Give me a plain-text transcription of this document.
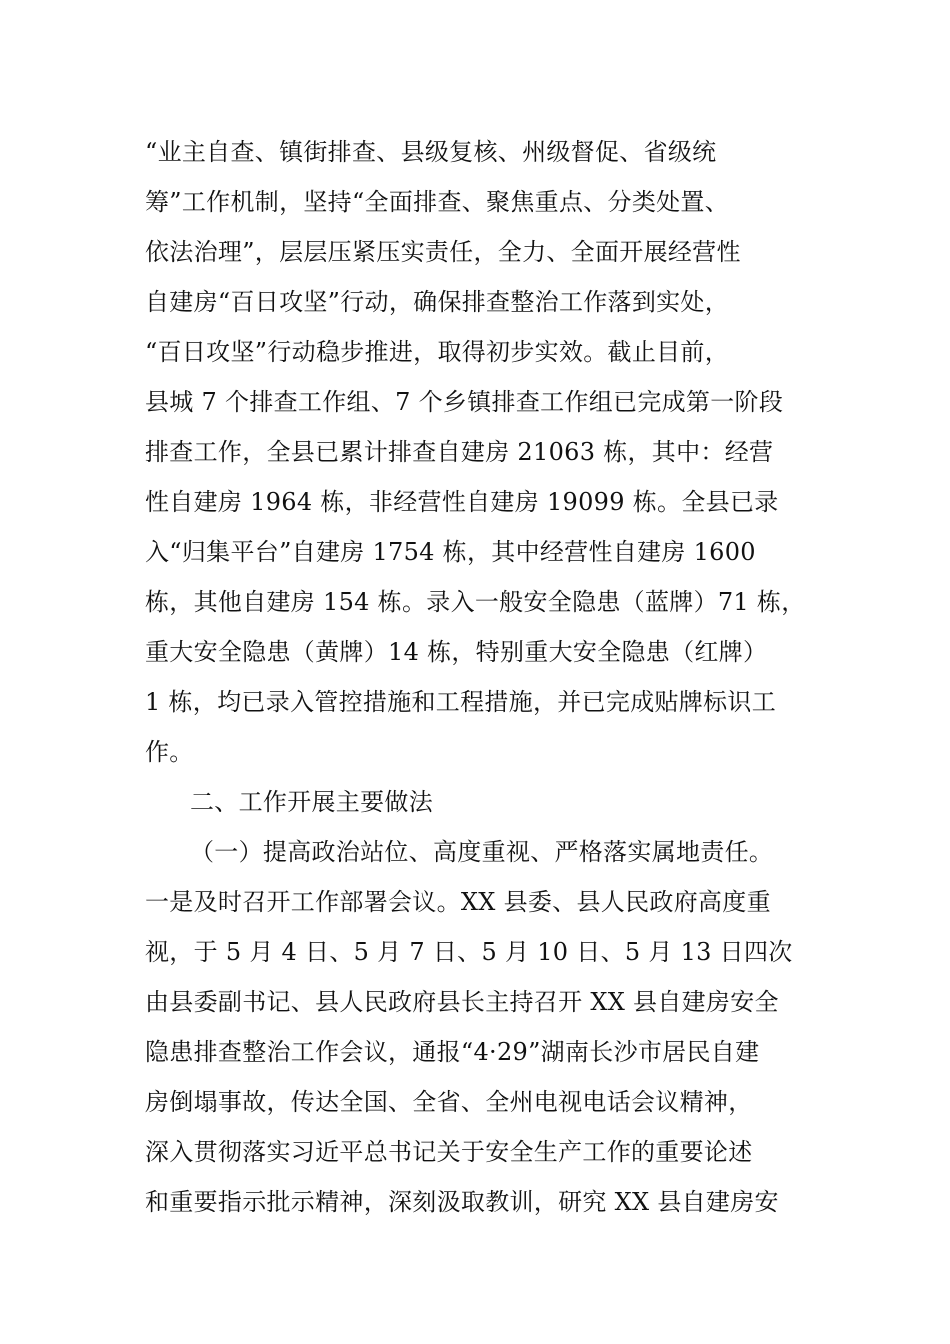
“业主自查、镇街排查、县级复核、州级督促、省级统
筹”工作机制，坚持“全面排查、聚焦重点、分类处置、
依法治理”，层层压紧压实责任，全力、全面开展经营性
自建房“百日攻坚”行动，确保排查整治工作落到实处，
“百日攻坚”行动稳步推进，取得初步实效。截止目前，
县城 7 个排查工作组、7 个乡镇排查工作组已完成第一阶段
排查工作，全县已累计排查自建房 21063 栋，其中：经营
性自建房 1964 栋，非经营性自建房 19099 栋。全县已录
入“归集平台”自建房 1754 栋，其中经营性自建房 1600
栋，其他自建房 154 栋。录入一般安全隐患（蓝牌）71 栋，
重大安全隐患（黄牌）14 栋，特别重大安全隐患（红牌）
1 栋，均已录入管控措施和工程措施，并已完成贴牌标识工
作。
二、工作开展主要做法
（一）提高政治站位、高度重视、严格落实属地责任。
一是及时召开工作部署会议。XX 县委、县人民政府高度重
视，于 5 月 4 日、5 月 7 日、5 月 10 日、5 月 13 日四次
由县委副书记、县人民政府县长主持召开 XX 县自建房安全
隐患排查整治工作会议，通报“4·29”湖南长沙市居民自建
房倒塌事故，传达全国、全省、全州电视电话会议精神，
深入贯彻落实习近平总书记关于安全生产工作的重要论述
和重要指示批示精神，深刻汲取教训，研究 XX 县自建房安
